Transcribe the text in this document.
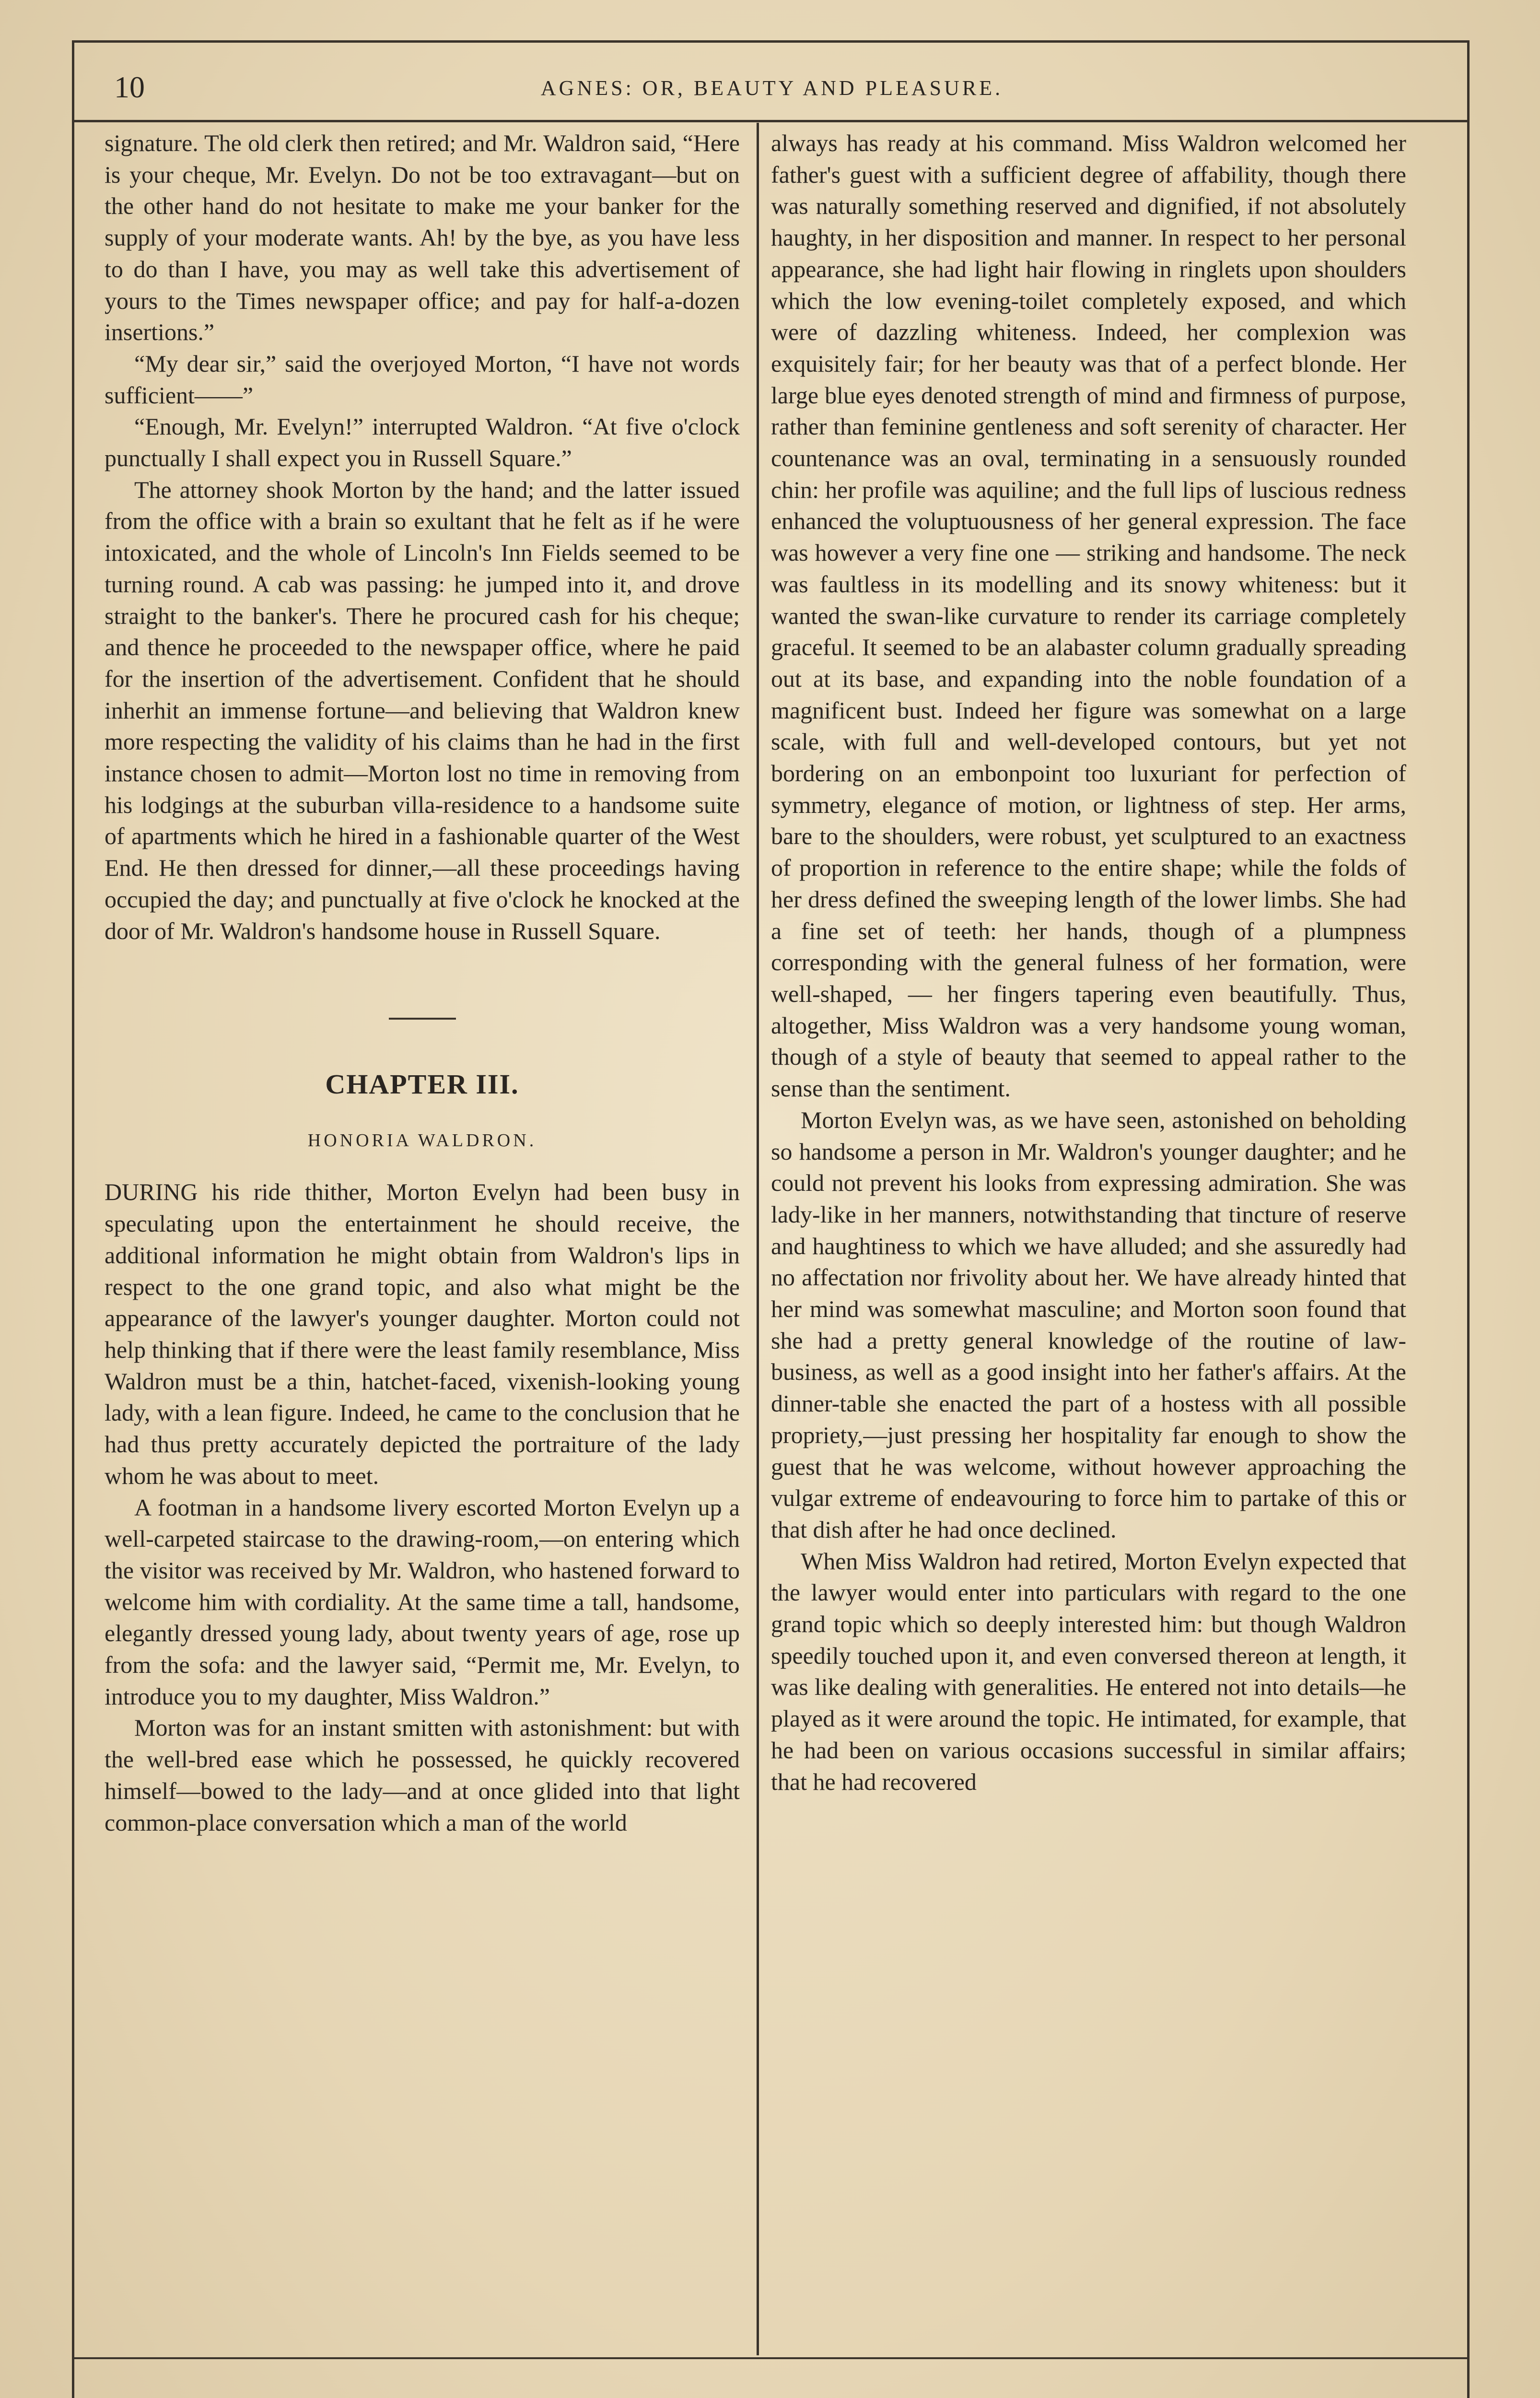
10	AGNES: OR, BEAUTY AND PLEASURE.

signature. The old clerk then retired; and Mr. Waldron said, “Here is your cheque, Mr. Evelyn. Do not be too extravagant—but on the other hand do not hesitate to make me your banker for the supply of your moderate wants. Ah! by the bye, as you have less to do than I have, you may as well take this advertisement of yours to the Times newspaper office; and pay for half-a-dozen insertions.”

“My dear sir,” said the overjoyed Morton, “I have not words sufficient——”

“Enough, Mr. Evelyn!” interrupted Waldron. “At five o'clock punctually I shall expect you in Russell Square.”

The attorney shook Morton by the hand; and the latter issued from the office with a brain so exultant that he felt as if he were intoxicated, and the whole of Lincoln's Inn Fields seemed to be turning round. A cab was passing: he jumped into it, and drove straight to the banker's. There he procured cash for his cheque; and thence he proceeded to the newspaper office, where he paid for the insertion of the advertisement. Confident that he should inherhit an immense fortune—and believing that Waldron knew more respecting the validity of his claims than he had in the first instance chosen to admit—Morton lost no time in removing from his lodgings at the suburban villa-residence to a handsome suite of apartments which he hired in a fashionable quarter of the West End. He then dressed for dinner,—all these proceedings having occupied the day; and punctually at five o'clock he knocked at the door of Mr. Waldron's handsome house in Russell Square.

CHAPTER III.
HONORIA WALDRON.

DURING his ride thither, Morton Evelyn had been busy in speculating upon the entertainment he should receive, the additional information he might obtain from Waldron's lips in respect to the one grand topic, and also what might be the appearance of the lawyer's younger daughter. Morton could not help thinking that if there were the least family resemblance, Miss Waldron must be a thin, hatchet-faced, vixenish-looking young lady, with a lean figure. Indeed, he came to the conclusion that he had thus pretty accurately depicted the portraiture of the lady whom he was about to meet.

A footman in a handsome livery escorted Morton Evelyn up a well-carpeted staircase to the drawing-room,—on entering which the visitor was received by Mr. Waldron, who hastened forward to welcome him with cordiality. At the same time a tall, handsome, elegantly dressed young lady, about twenty years of age, rose up from the sofa: and the lawyer said, “Permit me, Mr. Evelyn, to introduce you to my daughter, Miss Waldron.”

Morton was for an instant smitten with astonishment: but with the well-bred ease which he possessed, he quickly recovered himself—bowed to the lady—and at once glided into that light common-place conversation which a man of the world

always has ready at his command. Miss Waldron welcomed her father's guest with a sufficient degree of affability, though there was naturally something reserved and dignified, if not absolutely haughty, in her disposition and manner. In respect to her personal appearance, she had light hair flowing in ringlets upon shoulders which the low evening-toilet completely exposed, and which were of dazzling whiteness. Indeed, her complexion was exquisitely fair; for her beauty was that of a perfect blonde. Her large blue eyes denoted strength of mind and firmness of purpose, rather than feminine gentleness and soft serenity of character. Her countenance was an oval, terminating in a sensuously rounded chin: her profile was aquiline; and the full lips of luscious redness enhanced the voluptuousness of her general expression. The face was however a very fine one — striking and handsome. The neck was faultless in its modelling and its snowy whiteness: but it wanted the swan-like curvature to render its carriage completely graceful. It seemed to be an alabaster column gradually spreading out at its base, and expanding into the noble foundation of a magnificent bust. Indeed her figure was somewhat on a large scale, with full and well-developed contours, but yet not bordering on an embonpoint too luxuriant for perfection of symmetry, elegance of motion, or lightness of step. Her arms, bare to the shoulders, were robust, yet sculptured to an exactness of proportion in reference to the entire shape; while the folds of her dress defined the sweeping length of the lower limbs. She had a fine set of teeth: her hands, though of a plumpness corresponding with the general fulness of her formation, were well-shaped, — her fingers tapering even beautifully. Thus, altogether, Miss Waldron was a very handsome young woman, though of a style of beauty that seemed to appeal rather to the sense than the sentiment.

Morton Evelyn was, as we have seen, astonished on beholding so handsome a person in Mr. Waldron's younger daughter; and he could not prevent his looks from expressing admiration. She was lady-like in her manners, notwithstanding that tincture of reserve and haughtiness to which we have alluded; and she assuredly had no affectation nor frivolity about her. We have already hinted that her mind was somewhat masculine; and Morton soon found that she had a pretty general knowledge of the routine of law-business, as well as a good insight into her father's affairs. At the dinner-table she enacted the part of a hostess with all possible propriety,—just pressing her hospitality far enough to show the guest that he was welcome, without however approaching the vulgar extreme of endeavouring to force him to partake of this or that dish after he had once declined.

When Miss Waldron had retired, Morton Evelyn expected that the lawyer would enter into particulars with regard to the one grand topic which so deeply interested him: but though Waldron speedily touched upon it, and even conversed thereon at length, it was like dealing with generalities. He entered not into details—he played as it were around the topic. He intimated, for example, that he had been on various occasions successful in similar affairs; that he had recovered
